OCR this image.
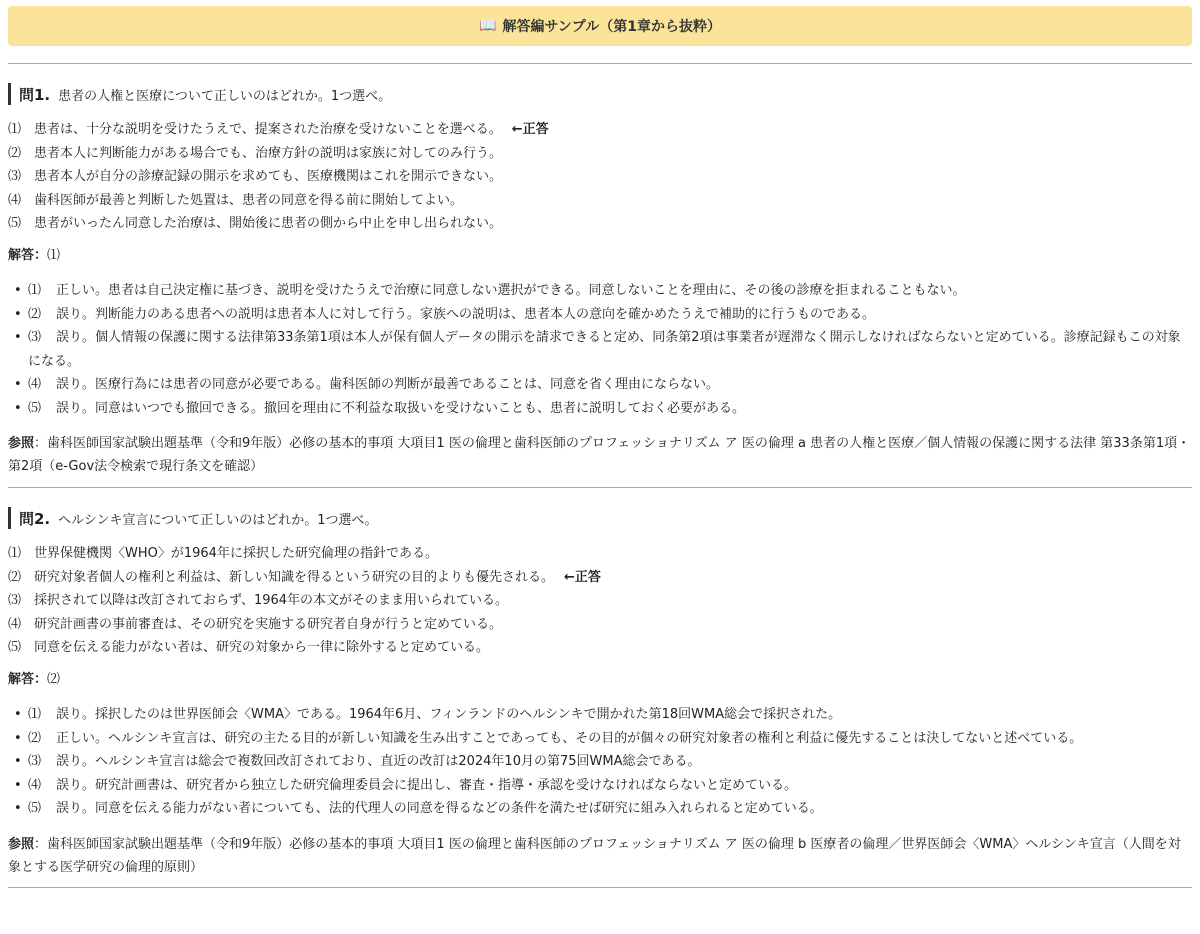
📖 解答編サンプル（第1章から抜粋）
問1. 患者の人権と医療について正しいのはどれか。1つ選べ。
⑴ 患者は、十分な説明を受けたうえで、提案された治療を受けないことを選べる。 ←正答
⑵ 患者本人に判断能力がある場合でも、治療方針の説明は家族に対してのみ行う。
⑶ 患者本人が自分の診療記録の開示を求めても、医療機関はこれを開示できない。
⑷ 歯科医師が最善と判断した処置は、患者の同意を得る前に開始してよい。
⑸ 患者がいったん同意した治療は、開始後に患者の側から中止を申し出られない。
解答：⑴
• ⑴ 正しい。患者は自己決定権に基づき、説明を受けたうえで治療に同意しない選択ができる。同意しないことを理由に、その後の診療を拒まれることもない。
• ⑵ 誤り。判断能力のある患者への説明は患者本人に対して行う。家族への説明は、患者本人の意向を確かめたうえで補助的に行うものである。
• ⑶ 誤り。個人情報の保護に関する法律第33条第1項は本人が保有個人データの開示を請求できると定め、同条第2項は事業者が遅滞なく開示しなければならないと定めている。診療記録もこの対象になる。
• ⑷ 誤り。医療行為には患者の同意が必要である。歯科医師の判断が最善であることは、同意を省く理由にならない。
• ⑸ 誤り。同意はいつでも撤回できる。撤回を理由に不利益な取扱いを受けないことも、患者に説明しておく必要がある。
参照：歯科医師国家試験出題基準（令和9年版）必修の基本的事項 大項目1 医の倫理と歯科医師のプロフェッショナリズム ア 医の倫理 a 患者の人権と医療／個人情報の保護に関する法律 第33条第1項・第2項（e-Gov法令検索で現行条文を確認）
問2. ヘルシンキ宣言について正しいのはどれか。1つ選べ。
⑴ 世界保健機関〈WHO〉が1964年に採択した研究倫理の指針である。
⑵ 研究対象者個人の権利と利益は、新しい知識を得るという研究の目的よりも優先される。 ←正答
⑶ 採択されて以降は改訂されておらず、1964年の本文がそのまま用いられている。
⑷ 研究計画書の事前審査は、その研究を実施する研究者自身が行うと定めている。
⑸ 同意を伝える能力がない者は、研究の対象から一律に除外すると定めている。
解答：⑵
• ⑴ 誤り。採択したのは世界医師会〈WMA〉である。1964年6月、フィンランドのヘルシンキで開かれた第18回WMA総会で採択された。
• ⑵ 正しい。ヘルシンキ宣言は、研究の主たる目的が新しい知識を生み出すことであっても、その目的が個々の研究対象者の権利と利益に優先することは決してないと述べている。
• ⑶ 誤り。ヘルシンキ宣言は総会で複数回改訂されており、直近の改訂は2024年10月の第75回WMA総会である。
• ⑷ 誤り。研究計画書は、研究者から独立した研究倫理委員会に提出し、審査・指導・承認を受けなければならないと定めている。
• ⑸ 誤り。同意を伝える能力がない者についても、法的代理人の同意を得るなどの条件を満たせば研究に組み入れられると定めている。
参照：歯科医師国家試験出題基準（令和9年版）必修の基本的事項 大項目1 医の倫理と歯科医師のプロフェッショナリズム ア 医の倫理 b 医療者の倫理／世界医師会〈WMA〉ヘルシンキ宣言（人間を対象とする医学研究の倫理的原則）
